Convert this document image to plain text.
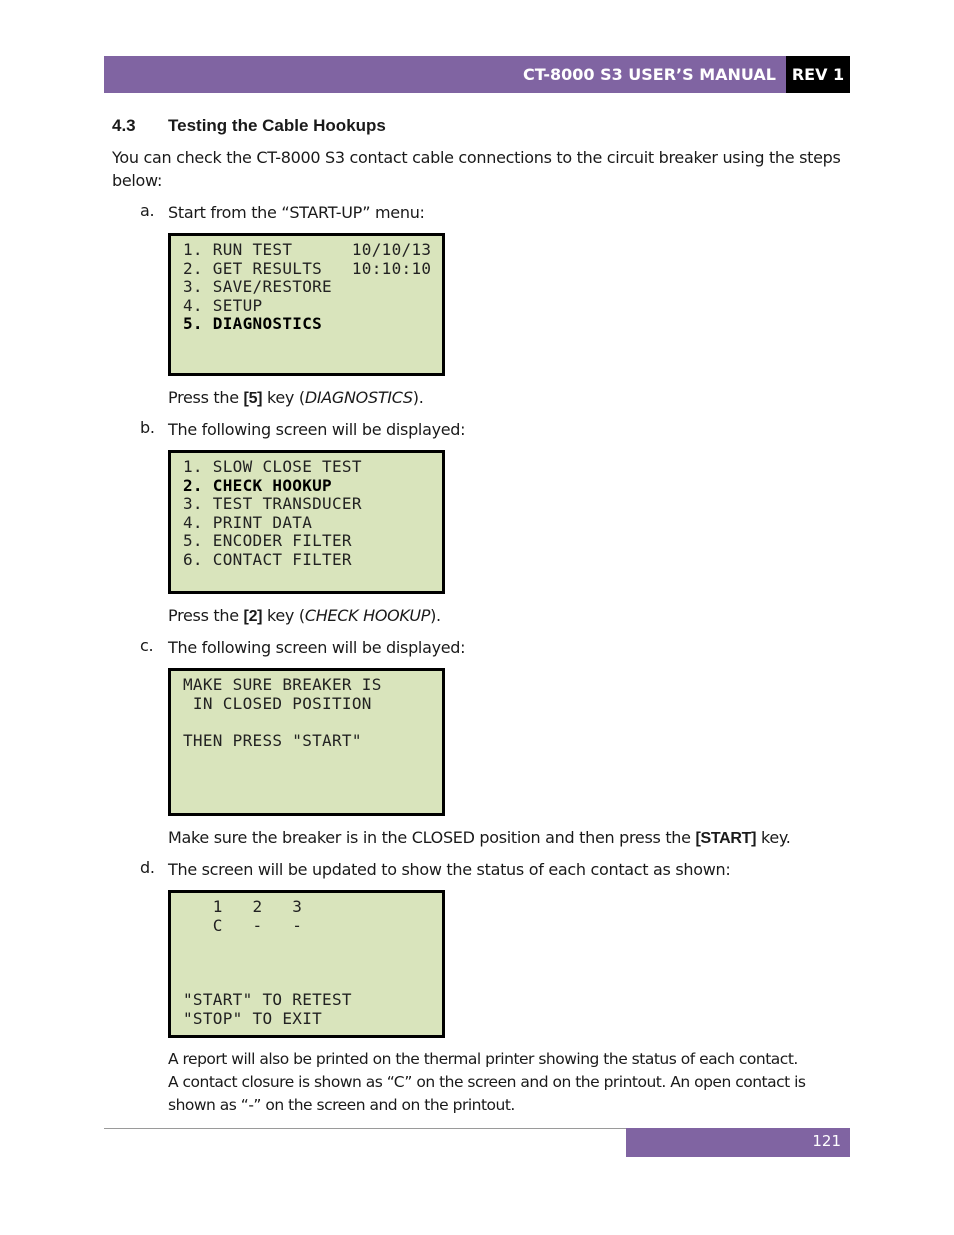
CT-8000 S3 USER’S MANUAL REV 1
4.3 Testing the Cable Hookups
You can check the CT-8000 S3 contact cable connections to the circuit breaker using the steps below:
a. Start from the “START-UP” menu:
1. RUN TEST      10/10/13
2. GET RESULTS   10:10:10
3. SAVE/RESTORE
4. SETUP
5. DIAGNOSTICS
Press the [5] key (DIAGNOSTICS).
b. The following screen will be displayed:
1. SLOW CLOSE TEST
2. CHECK HOOKUP
3. TEST TRANSDUCER
4. PRINT DATA
5. ENCODER FILTER
6. CONTACT FILTER
Press the [2] key (CHECK HOOKUP).
c. The following screen will be displayed:
MAKE SURE BREAKER IS
IN CLOSED POSITION

THEN PRESS "START"
Make sure the breaker is in the CLOSED position and then press the [START] key.
d. The screen will be updated to show the status of each contact as shown:
1   2   3
C   -   -

"START" TO RETEST
"STOP" TO EXIT
A report will also be printed on the thermal printer showing the status of each contact.
A contact closure is shown as “C” on the screen and on the printout. An open contact is
shown as “-” on the screen and on the printout.
121
